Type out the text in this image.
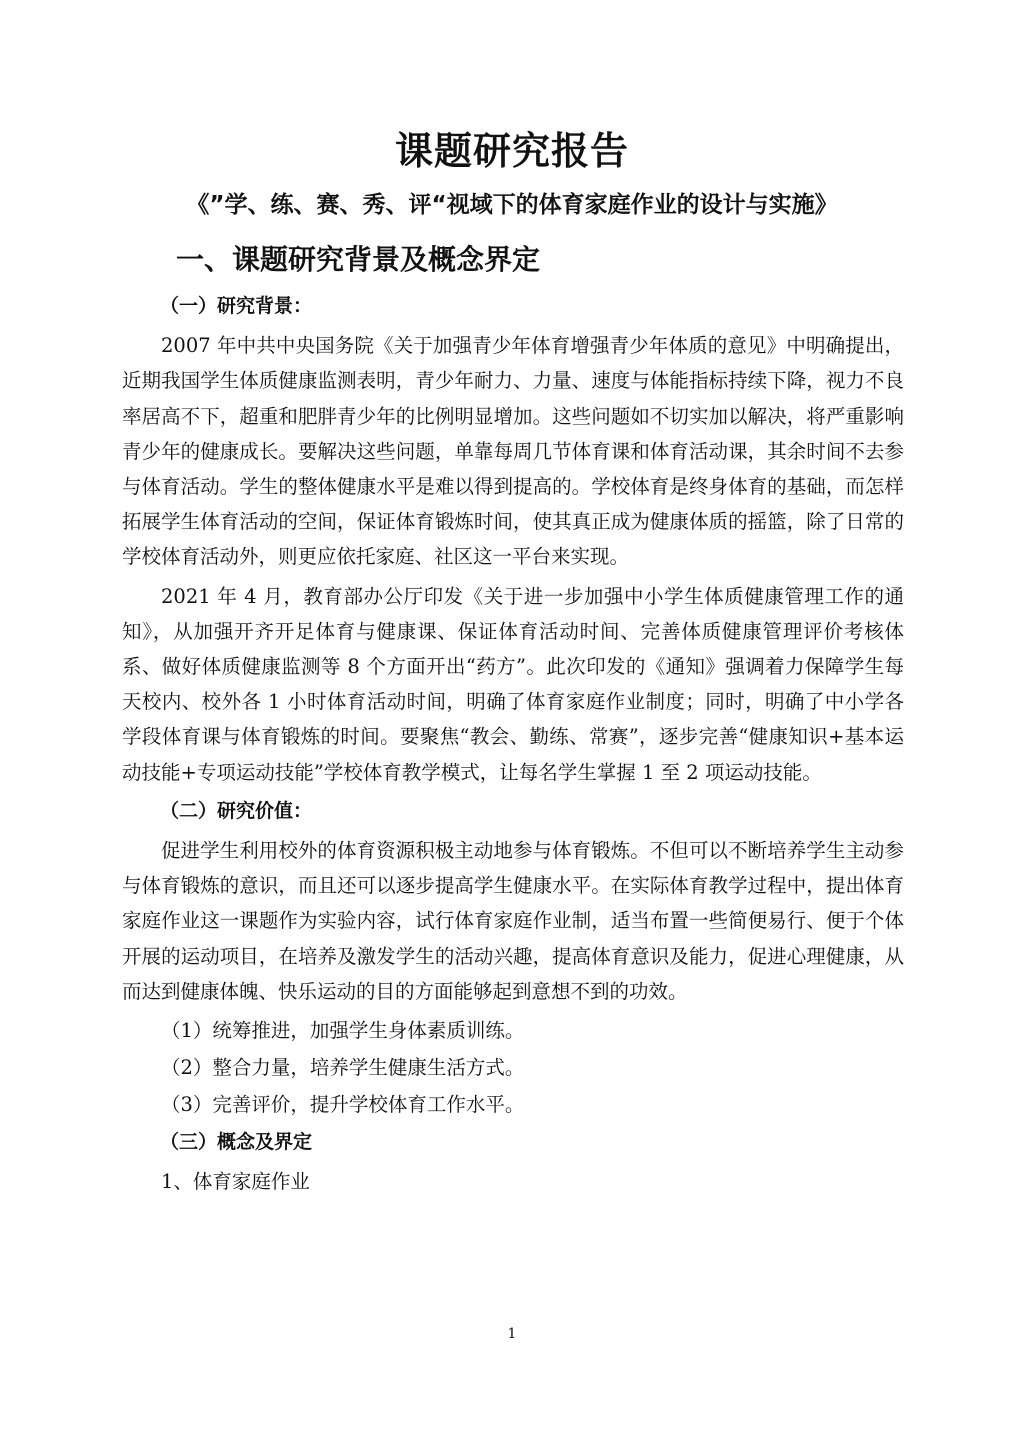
课题研究报告
《”学、练、赛、秀、评“视域下的体育家庭作业的设计与实施》
一、课题研究背景及概念界定

（一）研究背景：

2007 年中共中央国务院《关于加强青少年体育增强青少年体质的意见》中明确提出，近期我国学生体质健康监测表明，青少年耐力、力量、速度与体能指标持续下降，视力不良率居高不下，超重和肥胖青少年的比例明显增加。这些问题如不切实加以解决，将严重影响青少年的健康成长。要解决这些问题，单靠每周几节体育课和体育活动课，其余时间不去参与体育活动。学生的整体健康水平是难以得到提高的。学校体育是终身体育的基础，而怎样拓展学生体育活动的空间，保证体育锻炼时间，使其真正成为健康体质的摇篮，除了日常的学校体育活动外，则更应依托家庭、社区这一平台来实现。

2021 年 4 月，教育部办公厅印发《关于进一步加强中小学生体质健康管理工作的通知》，从加强开齐开足体育与健康课、保证体育活动时间、完善体质健康管理评价考核体系、做好体质健康监测等 8 个方面开出“药方”。此次印发的《通知》强调着力保障学生每天校内、校外各 1 小时体育活动时间，明确了体育家庭作业制度；同时，明确了中小学各学段体育课与体育锻炼的时间。要聚焦“教会、勤练、常赛”，逐步完善“健康知识+基本运动技能+专项运动技能”学校体育教学模式，让每名学生掌握 1 至 2 项运动技能。

（二）研究价值：

促进学生利用校外的体育资源积极主动地参与体育锻炼。不但可以不断培养学生主动参与体育锻炼的意识，而且还可以逐步提高学生健康水平。在实际体育教学过程中，提出体育家庭作业这一课题作为实验内容，试行体育家庭作业制，适当布置一些简便易行、便于个体开展的运动项目，在培养及激发学生的活动兴趣，提高体育意识及能力，促进心理健康，从而达到健康体魄、快乐运动的目的方面能够起到意想不到的功效。

（1）统筹推进，加强学生身体素质训练。

（2）整合力量，培养学生健康生活方式。

（3）完善评价，提升学校体育工作水平。

（三）概念及界定

1、体育家庭作业

1
